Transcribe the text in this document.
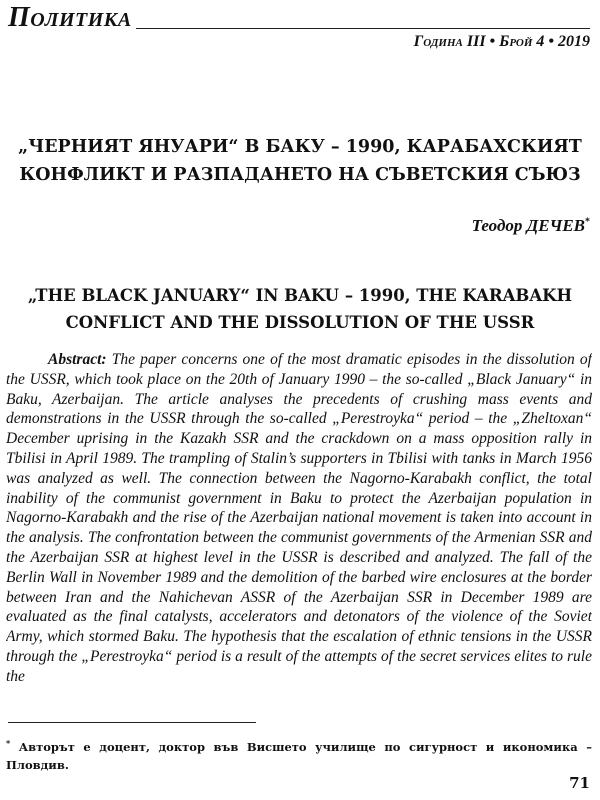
Политика
Година III • Брой 4 • 2019
„ЧЕРНИЯТ ЯНУАРИ“ В БАКУ – 1990, КАРАБАХСКИЯТ
КОНФЛИКТ И РАЗПАДАНЕТО НА СЪВЕТСКИЯ СЪЮЗ
Теодор ДЕЧЕВ*
„THE BLACK JANUARY“ IN BAKU – 1990, THE KARABAKH
CONFLICT AND THE DISSOLUTION OF THE USSR

Abstract: The paper concerns one of the most dramatic episodes in the dissolution of the USSR, which took place on the 20th of January 1990 – the so-called „Black January“ in Baku, Azerbaijan. The article analyses the precedents of crushing mass events and demonstrations in the USSR through the so-called „Perestroyka“ period – the „Zheltoxan“ December uprising in the Kazakh SSR and the crackdown on a mass opposition rally in Tbilisi in April 1989. The trampling of Stalin’s supporters in Tbilisi with tanks in March 1956 was analyzed as well. The connection between the Nagorno-Karabakh conflict, the total inability of the communist government in Baku to protect the Azerbaijan population in Nagorno-Karabakh and the rise of the Azerbaijan national movement is taken into account in the analysis. The confrontation between the communist governments of the Armenian SSR and the Azerbaijan SSR at highest level in the USSR is described and analyzed. The fall of the Berlin Wall in November 1989 and the demolition of the barbed wire enclosures at the border between Iran and the Nahichevan ASSR of the Azerbaijan SSR in December 1989 are evaluated as the final catalysts, accelerators and detonators of the violence of the Soviet Army, which stormed Baku. The hypothesis that the escalation of ethnic tensions in the USSR through the „Perestroyka“ period is a result of the attempts of the secret services elites to rule the

* Авторът е доцент, доктор във Висшето училище по сигурност и икономика – Пловдив.
71
